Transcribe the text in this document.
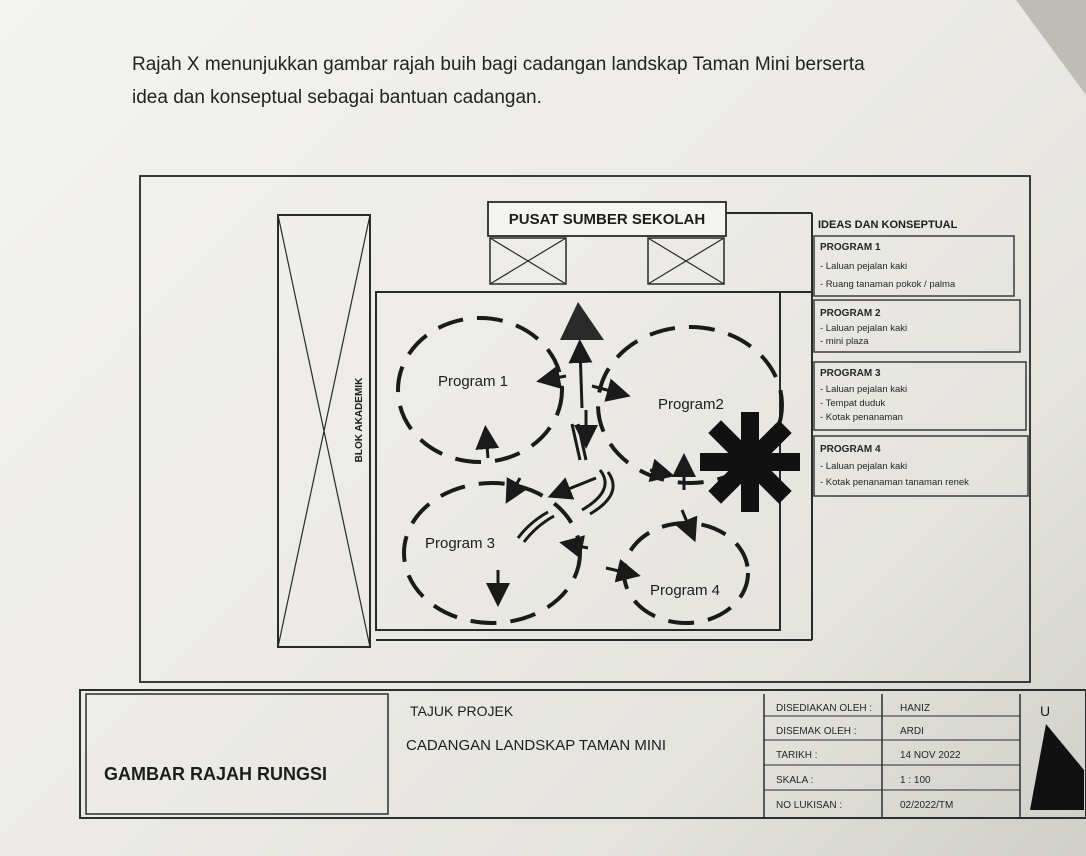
Rajah X menunjukkan gambar rajah buih bagi cadangan landskap Taman Mini berserta
idea dan konseptual sebagai bantuan cadangan.
PUSAT SUMBER SEKOLAH
BLOK AKADEMIK	Program 1
Program2
Program 3
Program 4
IDEAS DAN KONSEPTUAL
PROGRAM 1
- Laluan pejalan kaki
- Ruang tanaman pokok / palma
PROGRAM 2
- Laluan pejalan kaki
- mini plaza
PROGRAM 3
- Laluan pejalan kaki
- Tempat duduk
- Kotak penanaman
PROGRAM 4
- Laluan pejalan kaki
- Kotak penanaman tanaman renek
GAMBAR RAJAH RUNGSI
TAJUK PROJEK
CADANGAN LANDSKAP TAMAN MINI
DISEDIAKAN OLEH :	HANIZ
DISEMAK OLEH :	ARDI
TARIKH :	14 NOV 2022
SKALA :	1 : 100
NO LUKISAN :	02/2022/TM
U
